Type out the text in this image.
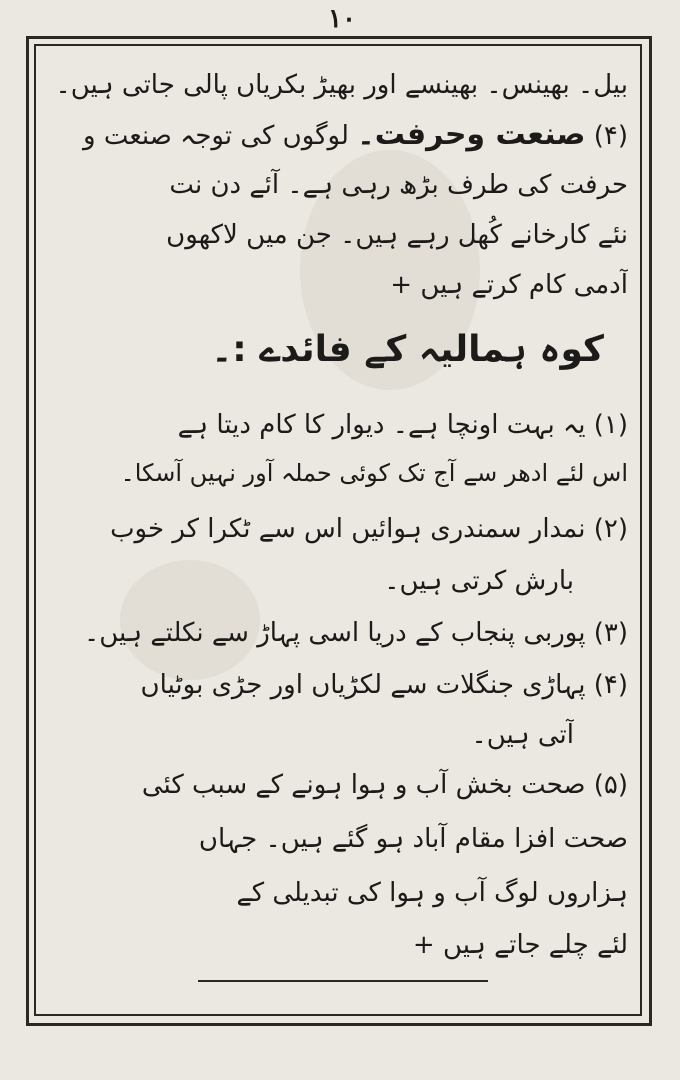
۱۰
بیل۔ بھینس۔ بھینسے اور بھیڑ بکریاں پالی جاتی ہیں۔
(۴) صنعت وحرفت۔ لوگوں کی توجہ صنعت و
حرفت کی طرف بڑھ رہی ہے۔ آئے دن نت
نئے کارخانے کُھل رہے ہیں۔ جن میں لاکھوں
آدمی کام کرتے ہیں +
کوہ ہمالیہ کے فائدے :۔
(۱) یہ بہت اونچا ہے۔ دیوار کا کام دیتا ہے
اس لئے ادھر سے آج تک کوئی حملہ آور نہیں آسکا۔
(۲) نمدار سمندری ہوائیں اس سے ٹکرا کر خوب
بارش کرتی ہیں۔
(۳) پوربی پنجاب کے دریا اسی پہاڑ سے نکلتے ہیں۔
(۴) پہاڑی جنگلات سے لکڑیاں اور جڑی بوٹیاں
آتی ہیں۔
(۵) صحت بخش آب و ہوا ہونے کے سبب کئی
صحت افزا مقام آباد ہو گئے ہیں۔ جہاں
ہزاروں لوگ آب و ہوا کی تبدیلی کے
لئے چلے جاتے ہیں +
